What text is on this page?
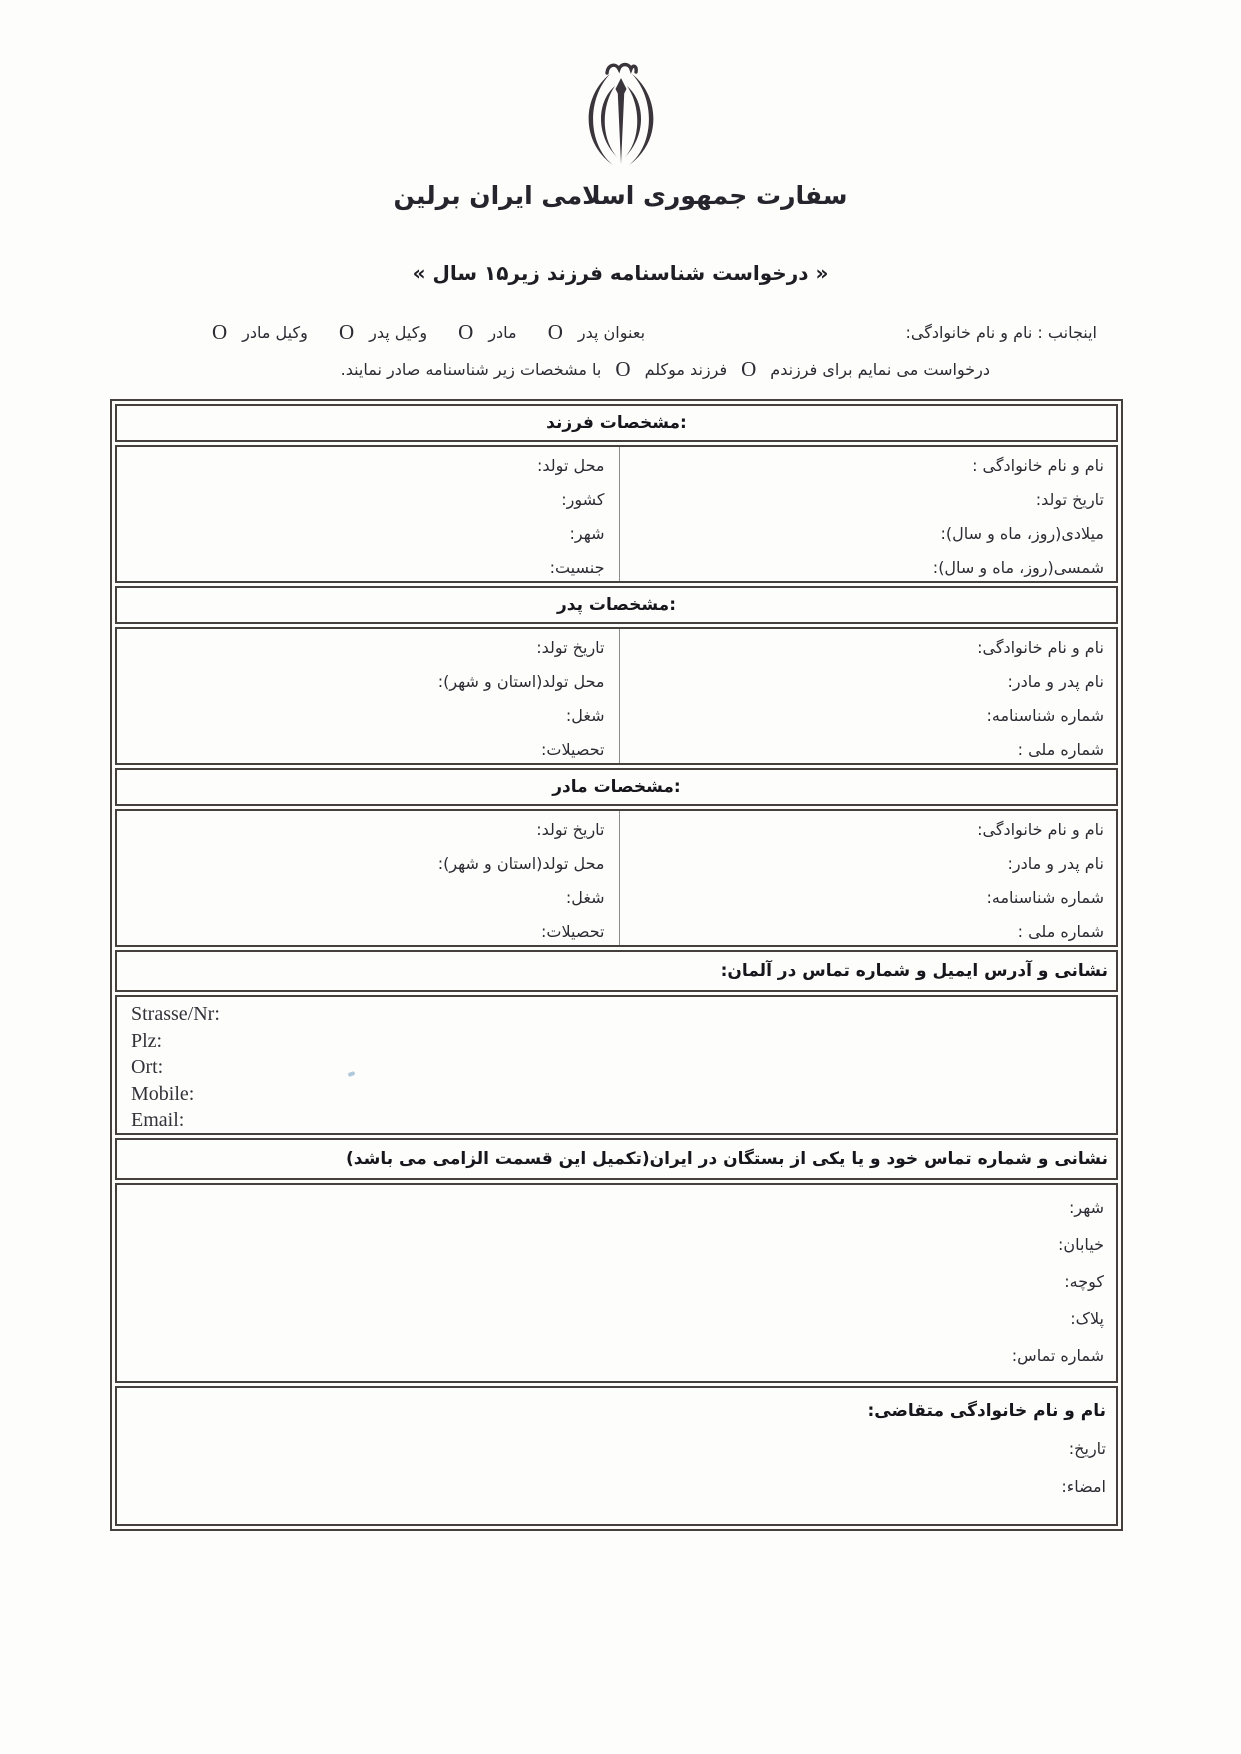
سفارت جمهوری اسلامی ایران برلین
« درخواست شناسنامه فرزند زیر۱۵ سال »
اینجانب : نام و نام خانوادگی:
بعنوان پدرO مادرO وکیل پدرO وکیل مادرO
درخواست می نمایم برای فرزندمOفرزند موکلمOبا مشخصات زیر شناسنامه صادر نمایند.
مشخصات فرزند:
نام و نام خانوادگی :
تاریخ تولد:
میلادی(روز، ماه و سال):
شمسی(روز، ماه و سال):
محل تولد:
کشور:
شهر:
جنسیت:
مشخصات پدر:
نام و نام خانوادگی:
نام پدر و مادر:
شماره شناسنامه:
شماره ملی :
تاریخ تولد:
محل تولد(استان و شهر):
شغل:
تحصیلات:
مشخصات مادر:
نام و نام خانوادگی:
نام پدر و مادر:
شماره شناسنامه:
شماره ملی :
تاریخ تولد:
محل تولد(استان و شهر):
شغل:
تحصیلات:
نشانی و آدرس ایمیل و شماره تماس در آلمان:
Strasse/Nr:
Plz:
Ort:
Mobile:
Email:
نشانی و شماره تماس خود و یا یکی از بستگان در ایران(تکمیل این قسمت الزامی می باشد)
شهر:
خیابان:
کوچه:
پلاک:
شماره تماس:
نام و نام خانوادگی متقاضی:
تاریخ:
امضاء:
